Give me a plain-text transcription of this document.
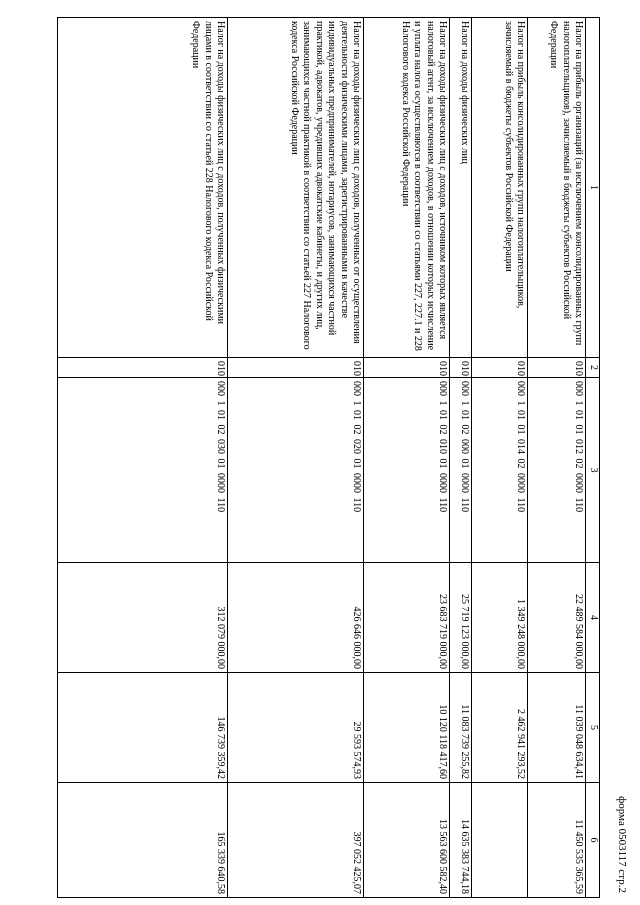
форма 0503117 стр.2
1	2	3	4	5	6
Налог на прибыль организаций (за исключением консолидированных групп налогоплательщиков), зачисляемый в бюджеты субъектов Российской Федерации	010	000 1 01 01 012 02 0000 110	22 489 584 000,00	11 039 048 634,41	11 450 535 365,59
Налог на прибыль консолидированных групп налогоплательщиков, зачисляемый в бюджеты субъектов Российской Федерации	010	000 1 01 01 014 02 0000 110	1 349 248 000,00	2 462 941 293,52	
Налог на доходы физических лиц	010	000 1 01 02 000 01 0000 110	25 719 123 000,00	11 083 739 255,82	14 635 383 744,18
Налог на доходы физических лиц с доходов, источником которых является налоговый агент, за исключением доходов, в отношении которых исчисление и уплата налога осуществляются в соответствии со статьями 227, 227.1 и 228 Налогового кодекса Российской Федерации	010	000 1 01 02 010 01 0000 110	23 683 719 000,00	10 120 118 417,60	13 563 600 582,40
Налог на доходы физических лиц с доходов, полученных от осуществления деятельности физическими лицами, зарегистрированными в качестве индивидуальных предпринимателей, нотариусов, занимающихся частной практикой, адвокатов, учредивших адвокатские кабинеты, и других лиц, занимающихся частной практикой в соответствии со статьей 227 Налогового кодекса Российской Федерации	010	000 1 01 02 020 01 0000 110	426 646 000,00	29 593 574,93	397 052 425,07
Налог на доходы физических лиц с доходов, полученных физическими лицами в соответствии со статьей 228 Налогового кодекса Российской Федерации	010	000 1 01 02 030 01 0000 110	312 079 000,00	146 739 359,42	165 339 640,58
